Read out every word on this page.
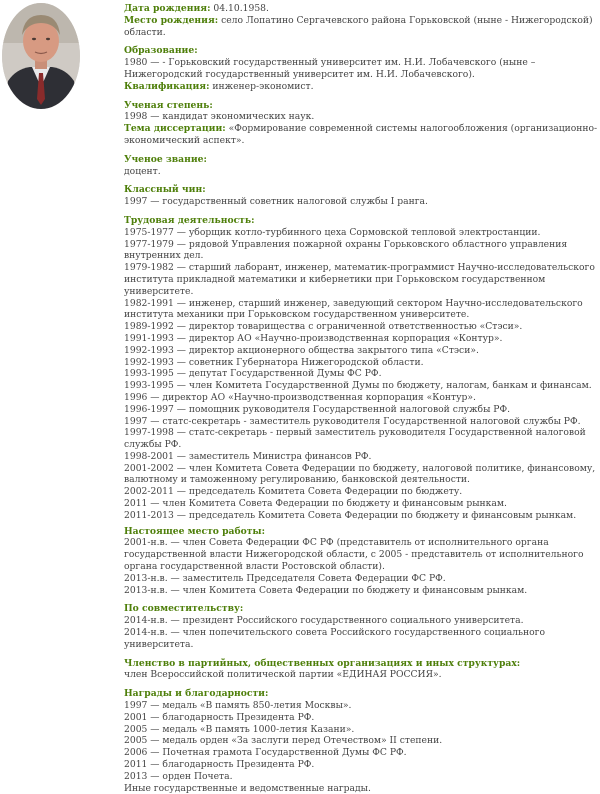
Дата рождения: 04.10.1958.
Место рождения: село Лопатино Сергачевского района Горьковской (ныне - Нижегородской) области.
Образование:
1980 — - Горьковский государственный университет им. Н.И. Лобачевского (ныне – Нижегородский государственный университет им. Н.И. Лобачевского).
Квалификация: инженер-экономист.
Ученая степень:
1998 — кандидат экономических наук.
Тема диссертации: «Формирование современной системы налогообложения (организационно-экономический аспект».
Ученое звание:
доцент.
Классный чин:
1997 — государственный советник налоговой службы I ранга.
Трудовая деятельность:
1975-1977 — уборщик котло-турбинного цеха Сормовской тепловой электростанции.
1977-1979 — рядовой Управления пожарной охраны Горьковского областного управления внутренних дел.
1979-1982 — старший лаборант, инженер, математик-программист Научно-исследовательского института прикладной математики и кибернетики при Горьковском государственном университете.
1982-1991 — инженер, старший инженер, заведующий сектором Научно-исследовательского института механики при Горьковском государственном университете.
1989-1992 — директор товарищества с ограниченной ответственностью «Стэси».
1991-1993 — директор АО «Научно-производственная корпорация «Контур».
1992-1993 — директор акционерного общества закрытого типа «Стэси».
1992-1993 — советник Губернатора Нижегородской области.
1993-1995 — депутат Государственной Думы ФС РФ.
1993-1995 — член Комитета Государственной Думы по бюджету, налогам, банкам и финансам.
1996 — директор АО «Научно-производственная корпорация «Контур».
1996-1997 — помощник руководителя Государственной налоговой службы РФ.
1997 — статс-секретарь - заместитель руководителя Государственной налоговой службы РФ.
1997-1998 — статс-секретарь - первый заместитель руководителя Государственной налоговой службы РФ.
1998-2001 — заместитель Министра финансов РФ.
2001-2002 — член Комитета Совета Федерации по бюджету, налоговой политике, финансовому, валютному и таможенному регулированию, банковской деятельности.
2002-2011 — председатель Комитета Совета Федерации по бюджету.
2011 — член Комитета Совета Федерации по бюджету и финансовым рынкам.
2011-2013 — председатель Комитета Совета Федерации по бюджету и финансовым рынкам.
Настоящее место работы:
2001-н.в. — член Совета Федерации ФС РФ (представитель от исполнительного органа государственной власти Нижегородской области, с 2005 - представитель от исполнительного органа государственной власти Ростовской области).
2013-н.в. — заместитель Председателя Совета Федерации ФС РФ.
2013-н.в. — член Комитета Совета Федерации по бюджету и финансовым рынкам.
По совместительству:
2014-н.в. — президент Российского государственного социального университета.
2014-н.в. — член попечительского совета Российского государственного социального университета.
Членство в партийных, общественных организациях и иных структурах:
член Всероссийской политической партии «ЕДИНАЯ РОССИЯ».
Награды и благодарности:
1997 — медаль «В память 850-летия Москвы».
2001 — благодарность Президента РФ.
2005 — медаль «В память 1000-летия Казани».
2005 — медаль орден «За заслуги перед Отечеством» II степени.
2006 — Почетная грамота Государственной Думы ФС РФ.
2011 — благодарность Президента РФ.
2013 — орден Почета.
Иные государственные и ведомственные награды.
